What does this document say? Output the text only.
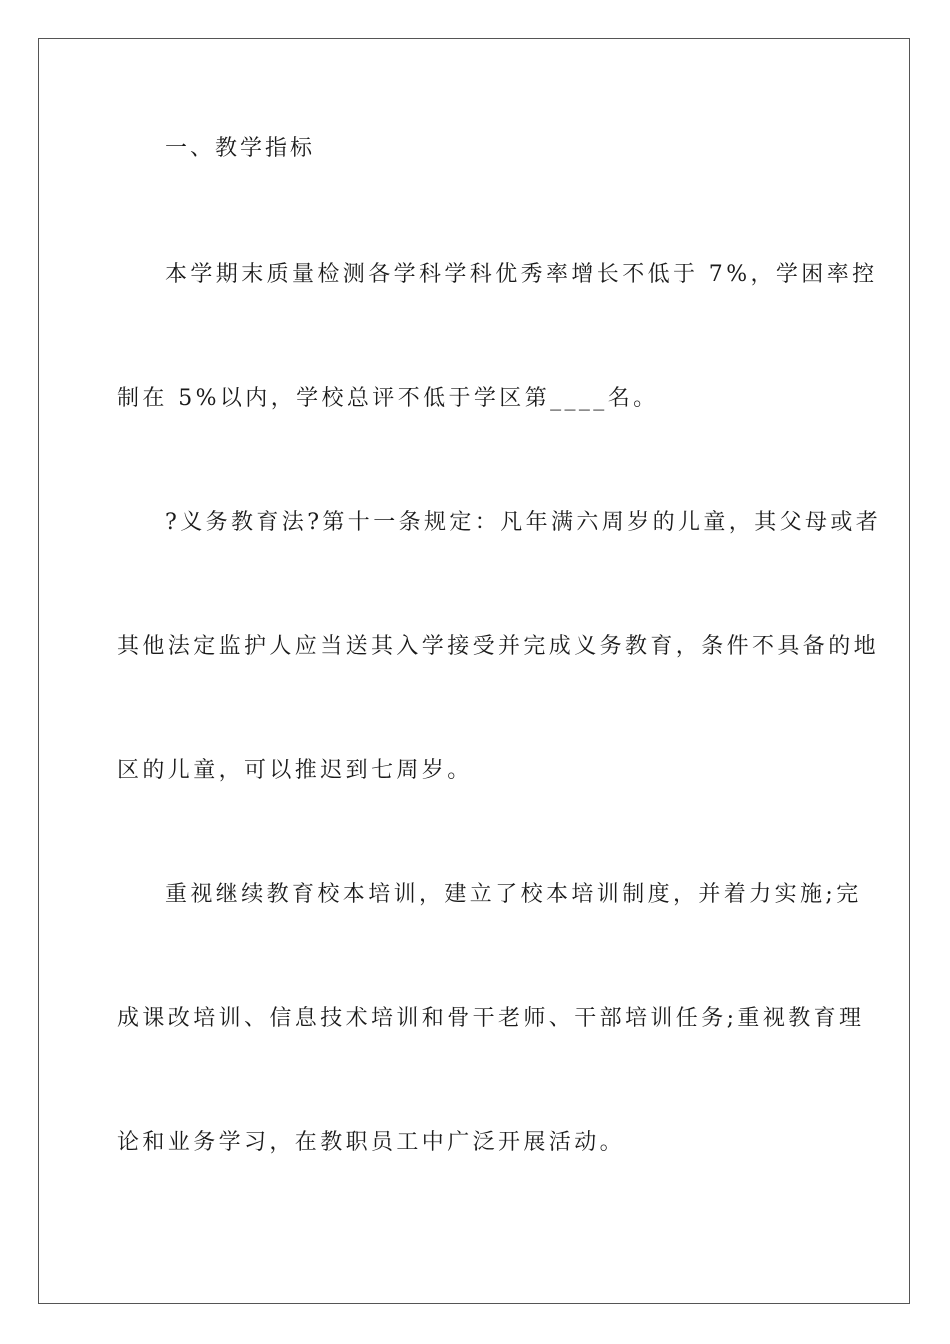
一、教学指标
本学期末质量检测各学科学科优秀率增长不低于 7%，学困率控
制在 5%以内，学校总评不低于学区第____名。
?义务教育法?第十一条规定：凡年满六周岁的儿童，其父母或者
其他法定监护人应当送其入学接受并完成义务教育，条件不具备的地
区的儿童，可以推迟到七周岁。
重视继续教育校本培训，建立了校本培训制度，并着力实施;完
成课改培训、信息技术培训和骨干老师、干部培训任务;重视教育理
论和业务学习，在教职员工中广泛开展活动。
